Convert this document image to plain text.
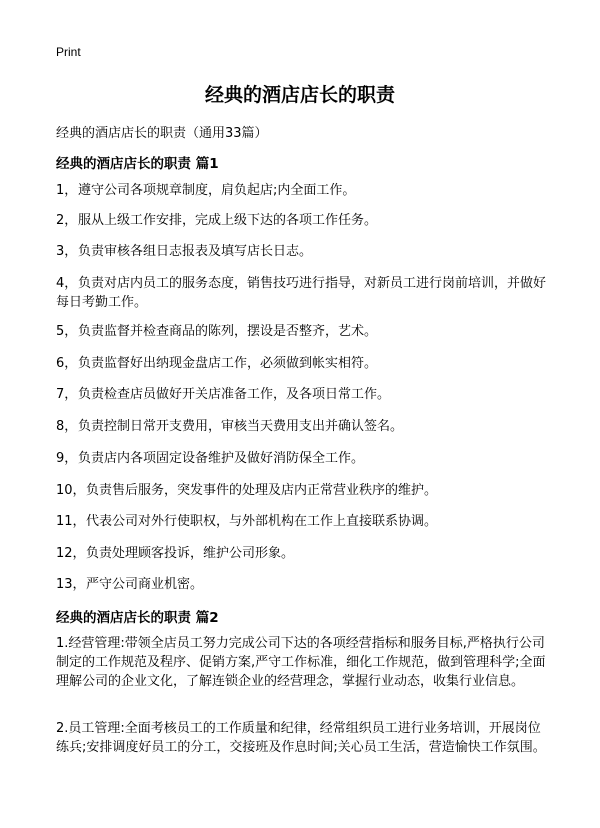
Print
经典的酒店店长的职责

经典的酒店店长的职责（通用33篇）

经典的酒店店长的职责 篇1

1，遵守公司各项规章制度，肩负起店;内全面工作。

2，服从上级工作安排，完成上级下达的各项工作任务。

3，负责审核各组日志报表及填写店长日志。

4，负责对店内员工的服务态度，销售技巧进行指导，对新员工进行岗前培训，并做好每日考勤工作。

5，负责监督并检查商品的陈列，摆设是否整齐，艺术。

6，负责监督好出纳现金盘店工作，必须做到帐实相符。

7，负责检查店员做好开关店准备工作，及各项日常工作。

8，负责控制日常开支费用，审核当天费用支出并确认签名。

9，负责店内各项固定设备维护及做好消防保全工作。

10，负责售后服务，突发事件的处理及店内正常营业秩序的维护。

11，代表公司对外行使职权，与外部机构在工作上直接联系协调。

12，负责处理顾客投诉，维护公司形象。

13，严守公司商业机密。

经典的酒店店长的职责 篇2

1.经营管理:带领全店员工努力完成公司下达的各项经营指标和服务目标,严格执行公司制定的工作规范及程序、促销方案,严守工作标准，细化工作规范，做到管理科学;全面理解公司的企业文化，了解连锁企业的经营理念，掌握行业动态，收集行业信息。

2.员工管理:全面考核员工的工作质量和纪律，经常组织员工进行业务培训，开展岗位练兵;安排调度好员工的分工，交接班及作息时间;关心员工生活，营造愉快工作氛围。
